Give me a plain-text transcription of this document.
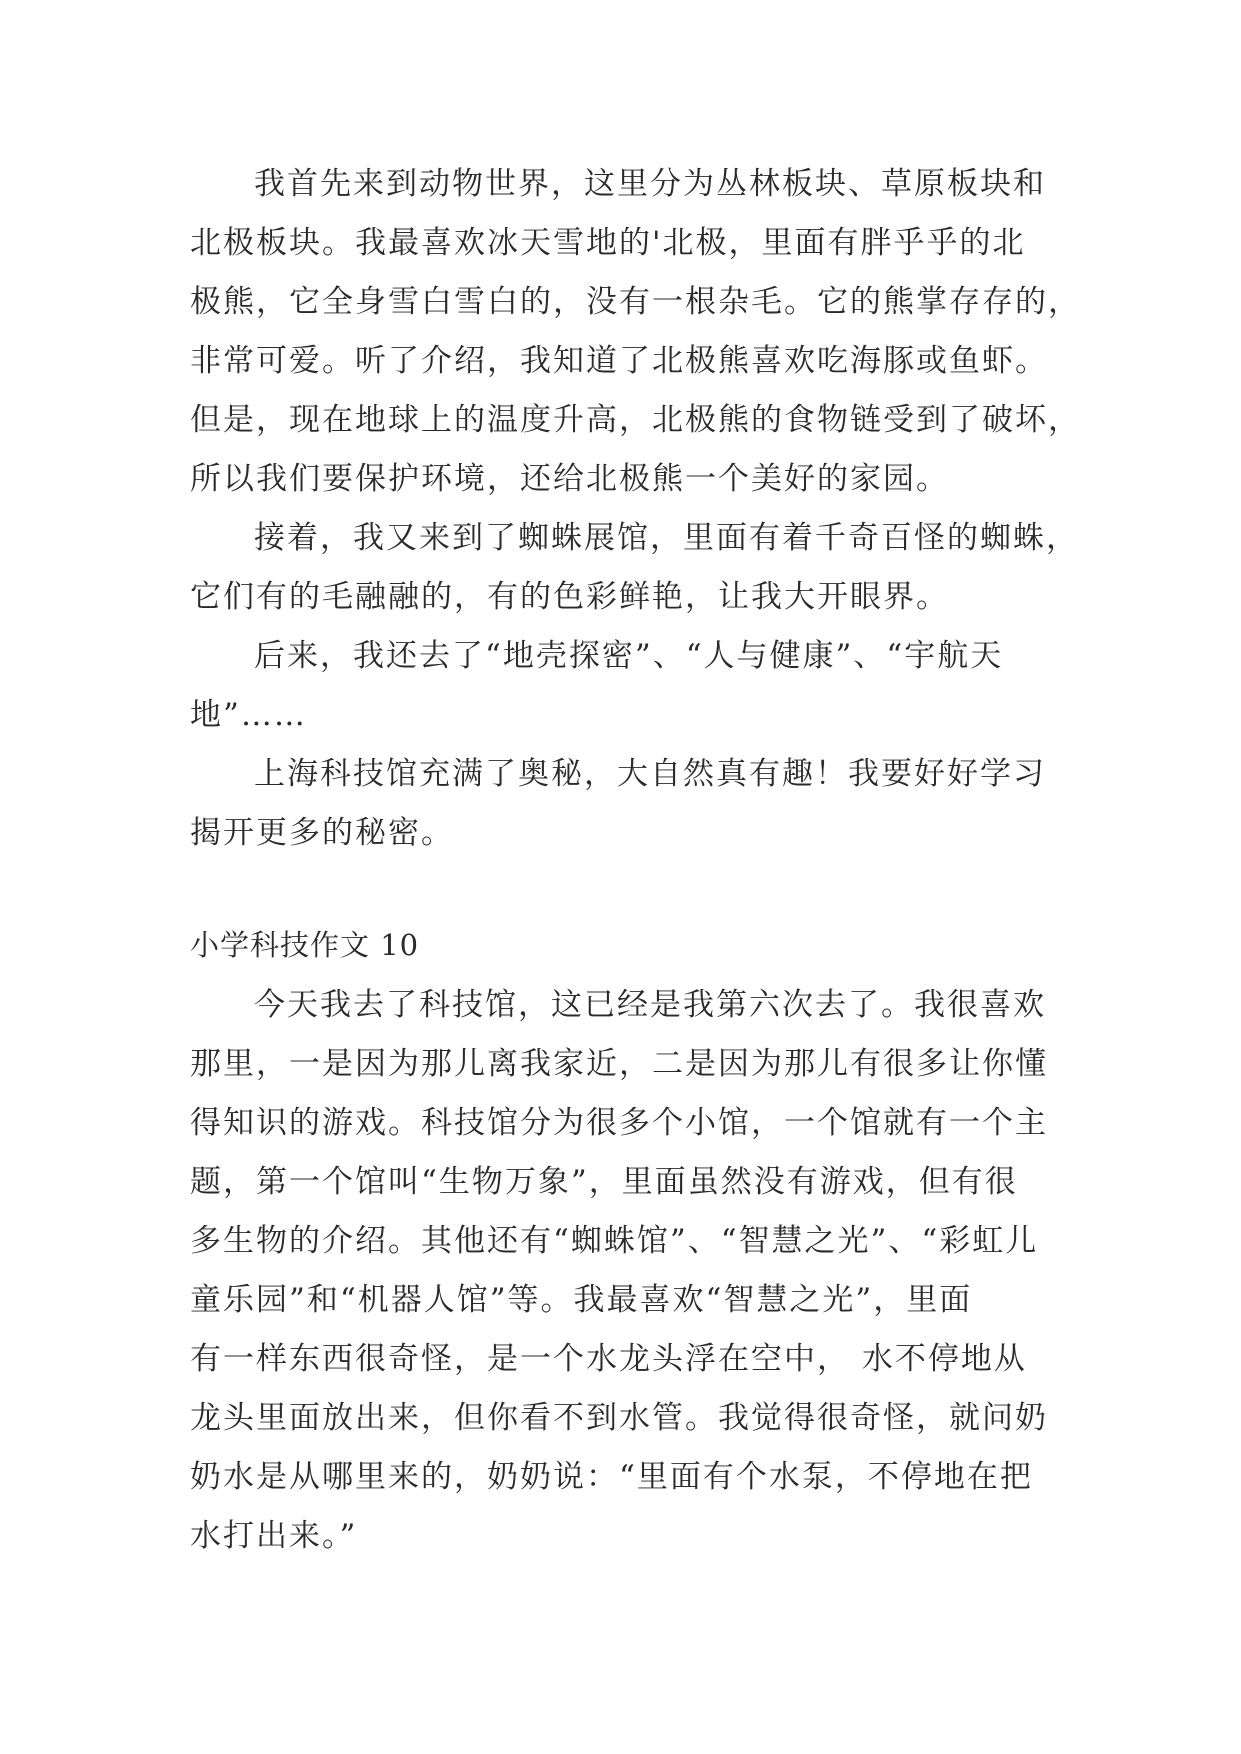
我首先来到动物世界，这里分为丛林板块、草原板块和
北极板块。我最喜欢冰天雪地的'北极，里面有胖乎乎的北
极熊，它全身雪白雪白的，没有一根杂毛。它的熊掌存存的，
非常可爱。听了介绍，我知道了北极熊喜欢吃海豚或鱼虾。
但是，现在地球上的温度升高，北极熊的食物链受到了破坏，
所以我们要保护环境，还给北极熊一个美好的家园。
接着，我又来到了蜘蛛展馆，里面有着千奇百怪的蜘蛛，
它们有的毛融融的，有的色彩鲜艳，让我大开眼界。
后来，我还去了“地壳探密”、“人与健康”、“宇航天
地”……
上海科技馆充满了奥秘，大自然真有趣！我要好好学习
揭开更多的秘密。
小学科技作文 10
今天我去了科技馆，这已经是我第六次去了。我很喜欢
那里，一是因为那儿离我家近，二是因为那儿有很多让你懂
得知识的游戏。科技馆分为很多个小馆，一个馆就有一个主
题，第一个馆叫“生物万象”，里面虽然没有游戏，但有很
多生物的介绍。其他还有“蜘蛛馆”、“智慧之光”、“彩虹儿
童乐园”和“机器人馆”等。我最喜欢“智慧之光”，里面
有一样东西很奇怪，是一个水龙头浮在空中， 水不停地从
龙头里面放出来，但你看不到水管。我觉得很奇怪，就问奶
奶水是从哪里来的，奶奶说：“里面有个水泵，不停地在把
水打出来。”
